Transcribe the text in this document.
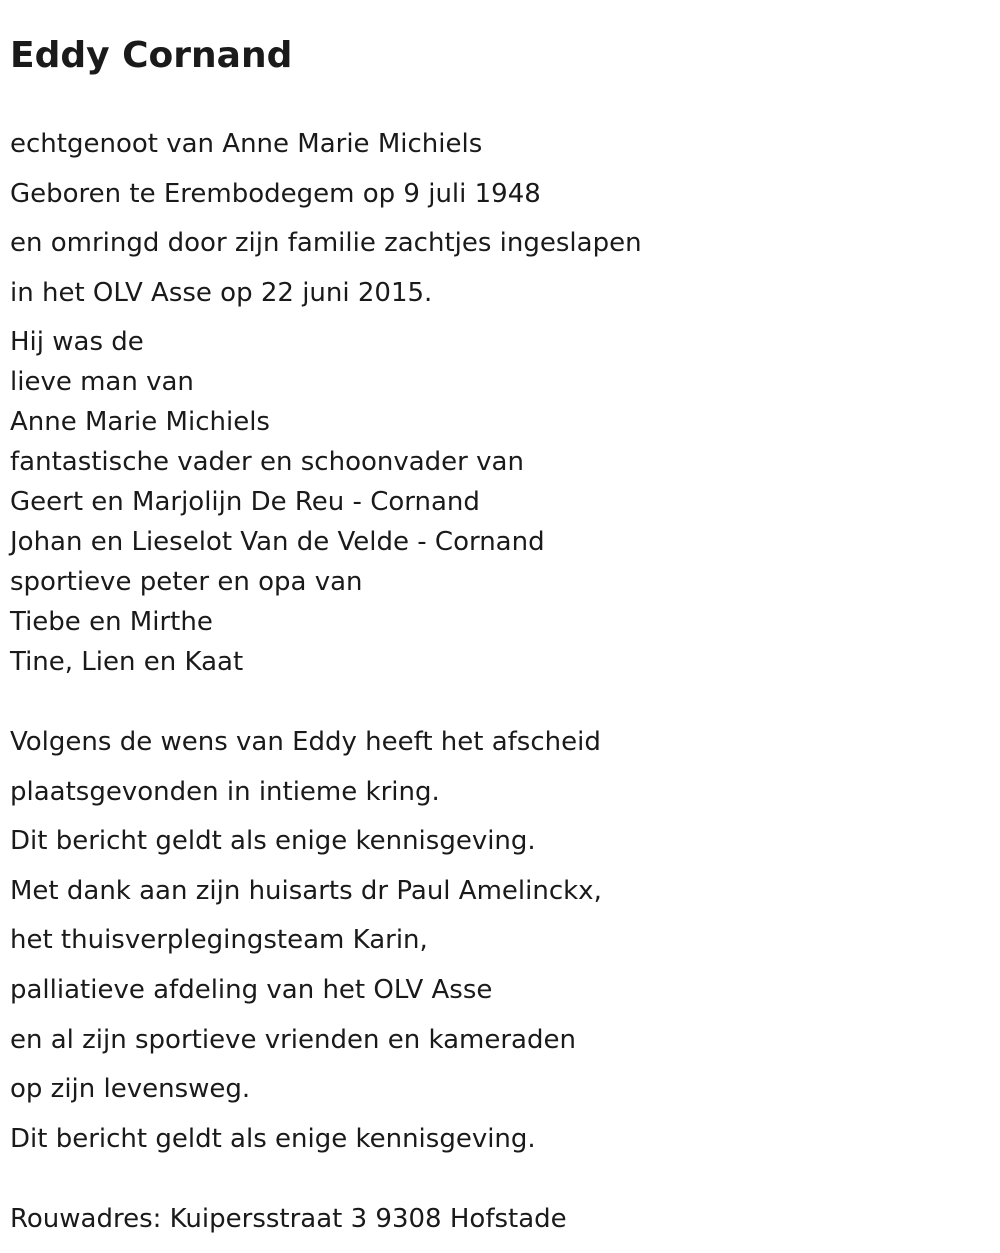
Eddy Cornand
echtgenoot van Anne Marie Michiels
Geboren te Erembodegem op 9 juli 1948
en omringd door zijn familie zachtjes ingeslapen
in het OLV Asse op 22 juni 2015.
Hij was de
lieve man van
Anne Marie Michiels
fantastische vader en schoonvader van
Geert en Marjolijn De Reu - Cornand
Johan en Lieselot Van de Velde - Cornand
sportieve peter en opa van
Tiebe en Mirthe
Tine, Lien en Kaat
Volgens de wens van Eddy heeft het afscheid
plaatsgevonden in intieme kring.
Dit bericht geldt als enige kennisgeving.
Met dank aan zijn huisarts dr Paul Amelinckx,
het thuisverplegingsteam Karin,
palliatieve afdeling van het OLV Asse
en al zijn sportieve vrienden en kameraden
op zijn levensweg.
Dit bericht geldt als enige kennisgeving.

Rouwadres: Kuipersstraat 3 9308 Hofstade
